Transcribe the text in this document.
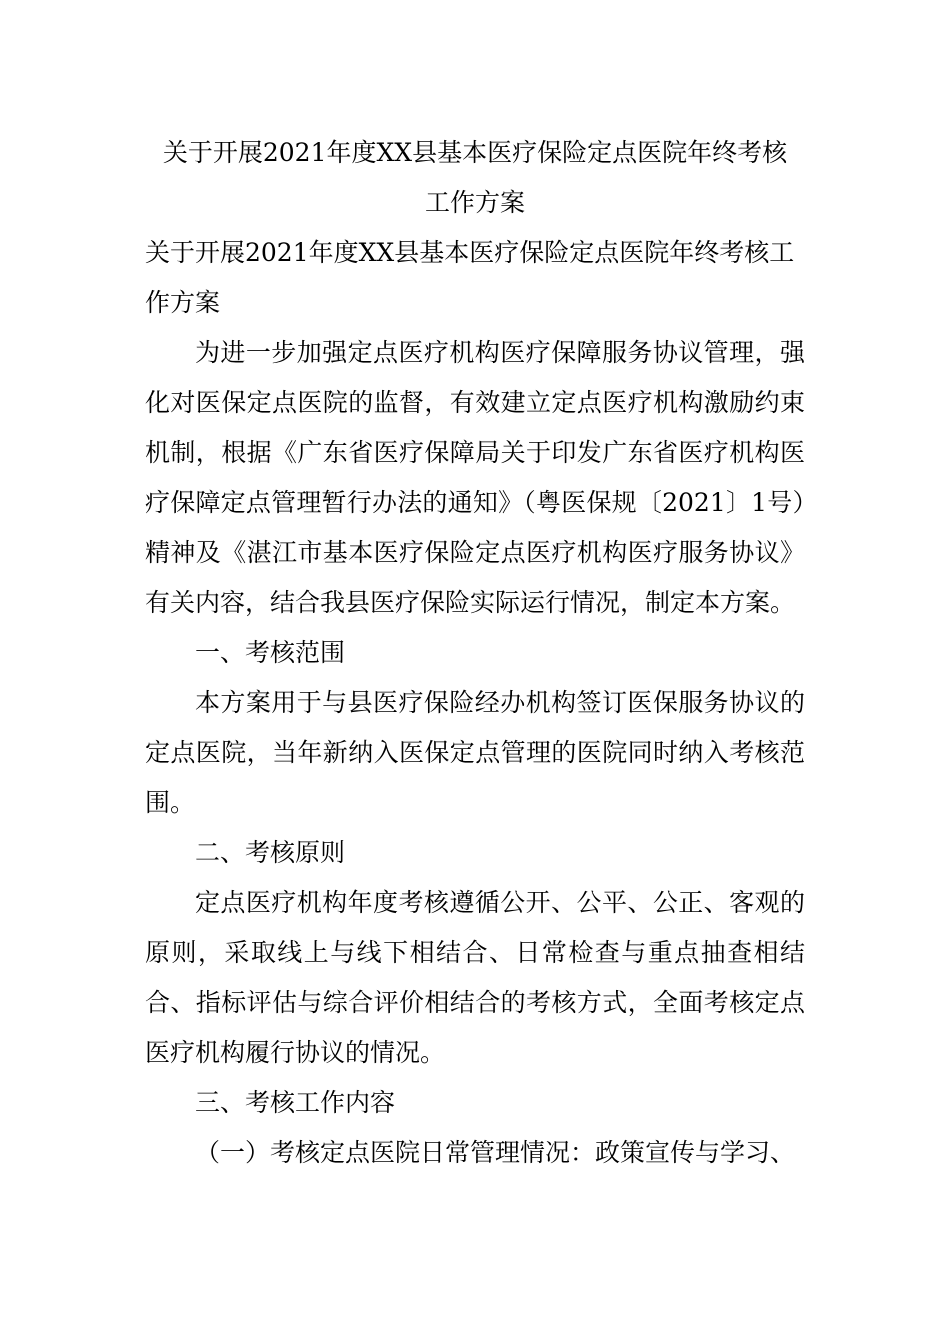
关于开展2021年度XX县基本医疗保险定点医院年终考核
工作方案
关于开展2021年度XX县基本医疗保险定点医院年终考核工作方案

为进一步加强定点医疗机构医疗保障服务协议管理，强化对医保定点医院的监督，有效建立定点医疗机构激励约束机制，根据《广东省医疗保障局关于印发广东省医疗机构医疗保障定点管理暂行办法的通知》（粤医保规〔2021〕1号）精神及《湛江市基本医疗保险定点医疗机构医疗服务协议》有关内容，结合我县医疗保险实际运行情况，制定本方案。

一、考核范围

本方案用于与县医疗保险经办机构签订医保服务协议的定点医院，当年新纳入医保定点管理的医院同时纳入考核范围。

二、考核原则

定点医疗机构年度考核遵循公开、公平、公正、客观的原则，采取线上与线下相结合、日常检查与重点抽查相结合、指标评估与综合评价相结合的考核方式，全面考核定点医疗机构履行协议的情况。

三、考核工作内容

（一）考核定点医院日常管理情况：政策宣传与学习、
